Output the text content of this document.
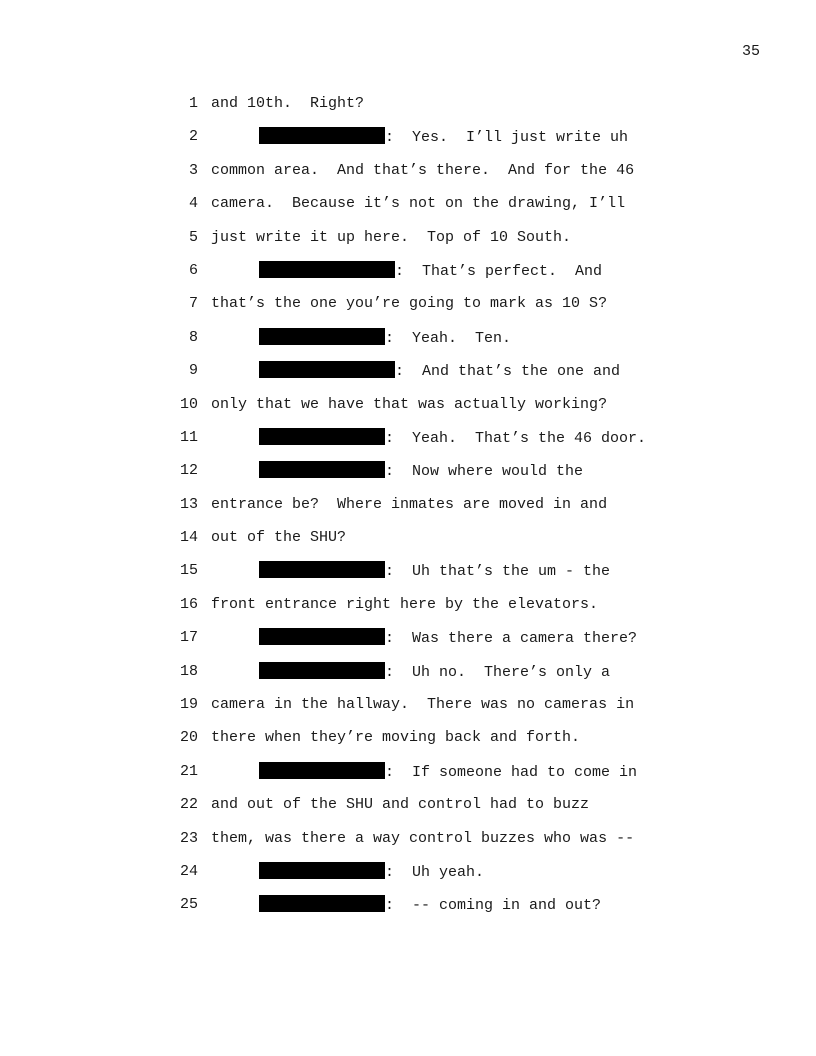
35
1 and 10th.  Right?
2	:  Yes.  I’ll just write uh
3 common area.  And that’s there.  And for the 46
4 camera.  Because it’s not on the drawing, I’ll
5 just write it up here.  Top of 10 South.
6	:  That’s perfect.  And
7 that’s the one you’re going to mark as 10 S?
8	:  Yeah.  Ten.
9	:  And that’s the one and
10 only that we have that was actually working?
11	:  Yeah.  That’s the 46 door.
12	:  Now where would the
13 entrance be?  Where inmates are moved in and
14 out of the SHU?
15	:  Uh that’s the um - the
16 front entrance right here by the elevators.
17	:  Was there a camera there?
18	:  Uh no.  There’s only a
19 camera in the hallway.  There was no cameras in
20 there when they’re moving back and forth.
21	:  If someone had to come in
22 and out of the SHU and control had to buzz
23 them, was there a way control buzzes who was --
24	:  Uh yeah.
25	:  -- coming in and out?
